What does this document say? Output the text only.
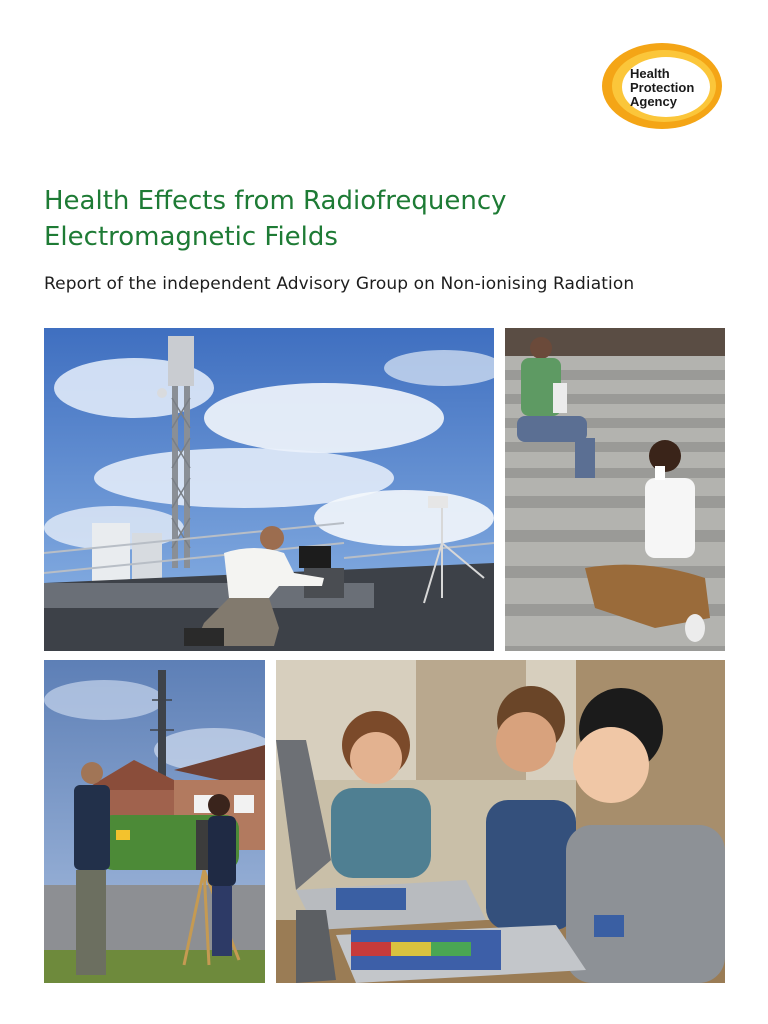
Health
Protection
Agency
Health Effects from Radiofrequency
Electromagnetic Fields

Report of the independent Advisory Group on Non-ionising Radiation
